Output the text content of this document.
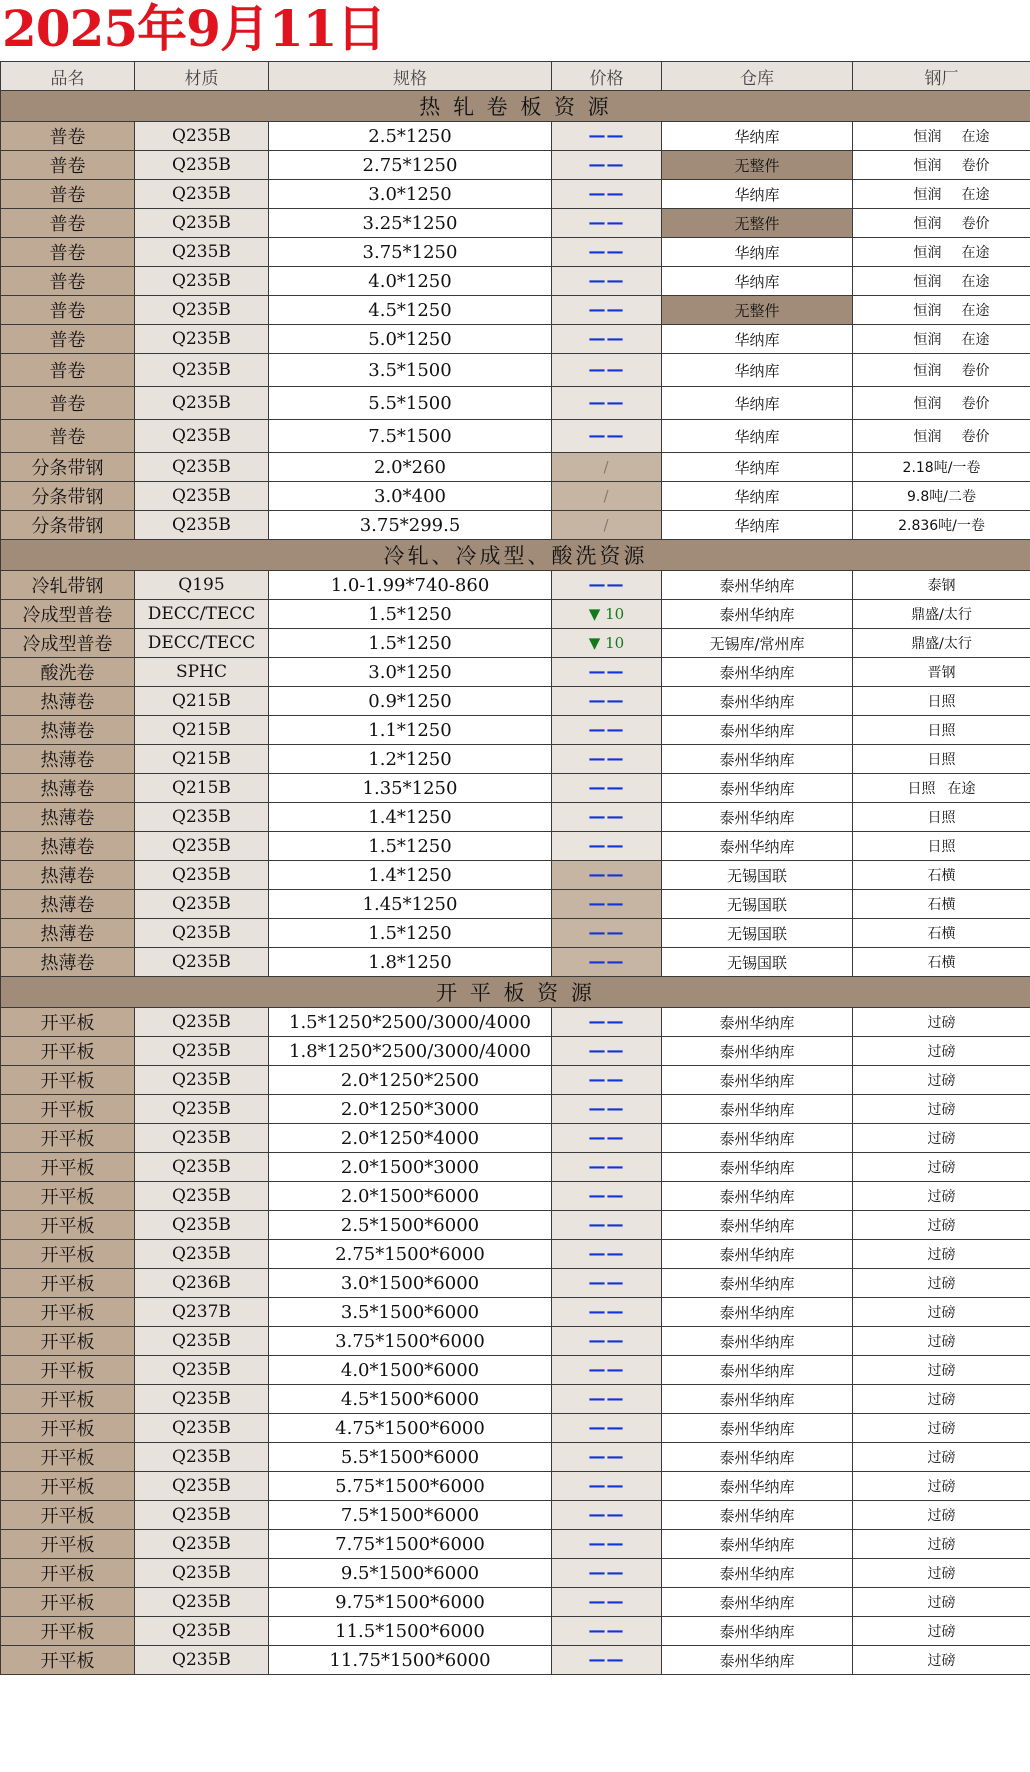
2025年9月11日
品名	材质	规格	价格	仓库	钢厂
热 轧 卷 板 资 源					
普卷	Q235B	2.5*1250	——	华纳库	恒润 在途
普卷	Q235B	2.75*1250	——	无整件	恒润 卷价
普卷	Q235B	3.0*1250	——	华纳库	恒润 在途
普卷	Q235B	3.25*1250	——	无整件	恒润 卷价
普卷	Q235B	3.75*1250	——	华纳库	恒润 在途
普卷	Q235B	4.0*1250	——	华纳库	恒润 在途
普卷	Q235B	4.5*1250	——	无整件	恒润 在途
普卷	Q235B	5.0*1250	——	华纳库	恒润 在途
普卷	Q235B	3.5*1500	——	华纳库	恒润 卷价
普卷	Q235B	5.5*1500	——	华纳库	恒润 卷价
普卷	Q235B	7.5*1500	——	华纳库	恒润 卷价
分条带钢	Q235B	2.0*260	/	华纳库	2.18吨/一卷
分条带钢	Q235B	3.0*400	/	华纳库	9.8吨/二卷
分条带钢	Q235B	3.75*299.5	/	华纳库	2.836吨/一卷
冷轧、冷成型、酸洗资源					
冷轧带钢	Q195	1.0-1.99*740-860	——	泰州华纳库	泰钢
冷成型普卷	DECC/TECC	1.5*1250	▼ 10	泰州华纳库	鼎盛/太行
冷成型普卷	DECC/TECC	1.5*1250	▼ 10	无锡库/常州库	鼎盛/太行
酸洗卷	SPHC	3.0*1250	——	泰州华纳库	晋钢
热薄卷	Q215B	0.9*1250	——	泰州华纳库	日照
热薄卷	Q215B	1.1*1250	——	泰州华纳库	日照
热薄卷	Q215B	1.2*1250	——	泰州华纳库	日照
热薄卷	Q215B	1.35*1250	——	泰州华纳库	日照 在途
热薄卷	Q235B	1.4*1250	——	泰州华纳库	日照
热薄卷	Q235B	1.5*1250	——	泰州华纳库	日照
热薄卷	Q235B	1.4*1250	——	无锡国联	石横
热薄卷	Q235B	1.45*1250	——	无锡国联	石横
热薄卷	Q235B	1.5*1250	——	无锡国联	石横
热薄卷	Q235B	1.8*1250	——	无锡国联	石横
开 平 板 资 源					
开平板	Q235B	1.5*1250*2500/3000/4000	——	泰州华纳库	过磅
开平板	Q235B	1.8*1250*2500/3000/4000	——	泰州华纳库	过磅
开平板	Q235B	2.0*1250*2500	——	泰州华纳库	过磅
开平板	Q235B	2.0*1250*3000	——	泰州华纳库	过磅
开平板	Q235B	2.0*1250*4000	——	泰州华纳库	过磅
开平板	Q235B	2.0*1500*3000	——	泰州华纳库	过磅
开平板	Q235B	2.0*1500*6000	——	泰州华纳库	过磅
开平板	Q235B	2.5*1500*6000	——	泰州华纳库	过磅
开平板	Q235B	2.75*1500*6000	——	泰州华纳库	过磅
开平板	Q236B	3.0*1500*6000	——	泰州华纳库	过磅
开平板	Q237B	3.5*1500*6000	——	泰州华纳库	过磅
开平板	Q235B	3.75*1500*6000	——	泰州华纳库	过磅
开平板	Q235B	4.0*1500*6000	——	泰州华纳库	过磅
开平板	Q235B	4.5*1500*6000	——	泰州华纳库	过磅
开平板	Q235B	4.75*1500*6000	——	泰州华纳库	过磅
开平板	Q235B	5.5*1500*6000	——	泰州华纳库	过磅
开平板	Q235B	5.75*1500*6000	——	泰州华纳库	过磅
开平板	Q235B	7.5*1500*6000	——	泰州华纳库	过磅
开平板	Q235B	7.75*1500*6000	——	泰州华纳库	过磅
开平板	Q235B	9.5*1500*6000	——	泰州华纳库	过磅
开平板	Q235B	9.75*1500*6000	——	泰州华纳库	过磅
开平板	Q235B	11.5*1500*6000	——	泰州华纳库	过磅
开平板	Q235B	11.75*1500*6000	——	泰州华纳库	过磅
